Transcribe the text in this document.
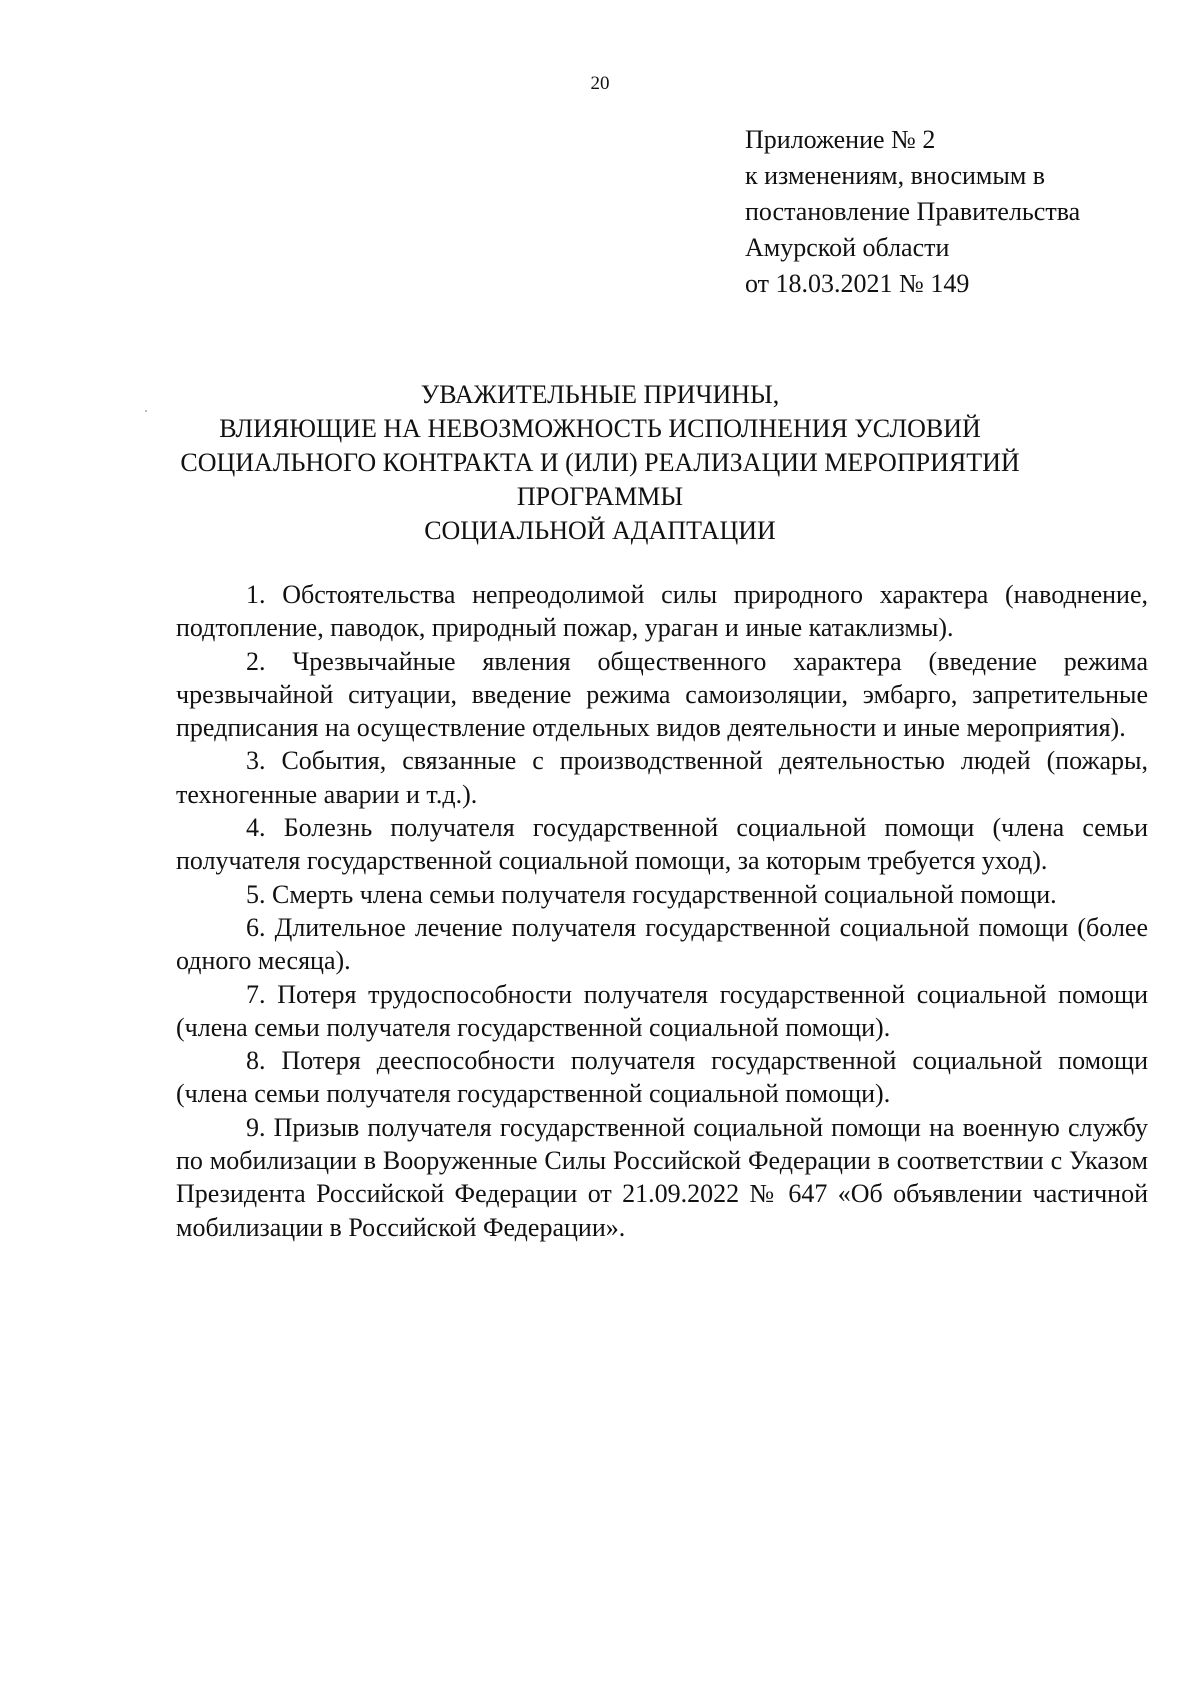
20
Приложение № 2
к изменениям, вносимым в
постановление Правительства
Амурской области
от 18.03.2021 № 149
УВАЖИТЕЛЬНЫЕ ПРИЧИНЫ,
ВЛИЯЮЩИЕ НА НЕВОЗМОЖНОСТЬ ИСПОЛНЕНИЯ УСЛОВИЙ
СОЦИАЛЬНОГО КОНТРАКТА И (ИЛИ) РЕАЛИЗАЦИИ МЕРОПРИЯТИЙ
ПРОГРАММЫ
СОЦИАЛЬНОЙ АДАПТАЦИИ

1. Обстоятельства непреодолимой силы природного характера (наводнение, подтопление, паводок, природный пожар, ураган и иные катаклизмы).

2. Чрезвычайные явления общественного характера (введение режима чрезвычайной ситуации, введение режима самоизоляции, эмбарго, запретительные предписания на осуществление отдельных видов деятельности и иные мероприятия).

3. События, связанные с производственной деятельностью людей (пожары, техногенные аварии и т.д.).

4. Болезнь получателя государственной социальной помощи (члена семьи получателя государственной социальной помощи, за которым требуется уход).

5. Смерть члена семьи получателя государственной социальной помощи.

6. Длительное лечение получателя государственной социальной помощи (более одного месяца).

7. Потеря трудоспособности получателя государственной социальной помощи (члена семьи получателя государственной социальной помощи).

8. Потеря дееспособности получателя государственной социальной помощи (члена семьи получателя государственной социальной помощи).

9. Призыв получателя государственной социальной помощи на военную службу по мобилизации в Вооруженные Силы Российской Федерации в соответствии с Указом Президента Российской Федерации от 21.09.2022 № 647 «Об объявлении частичной мобилизации в Российской Федерации».
